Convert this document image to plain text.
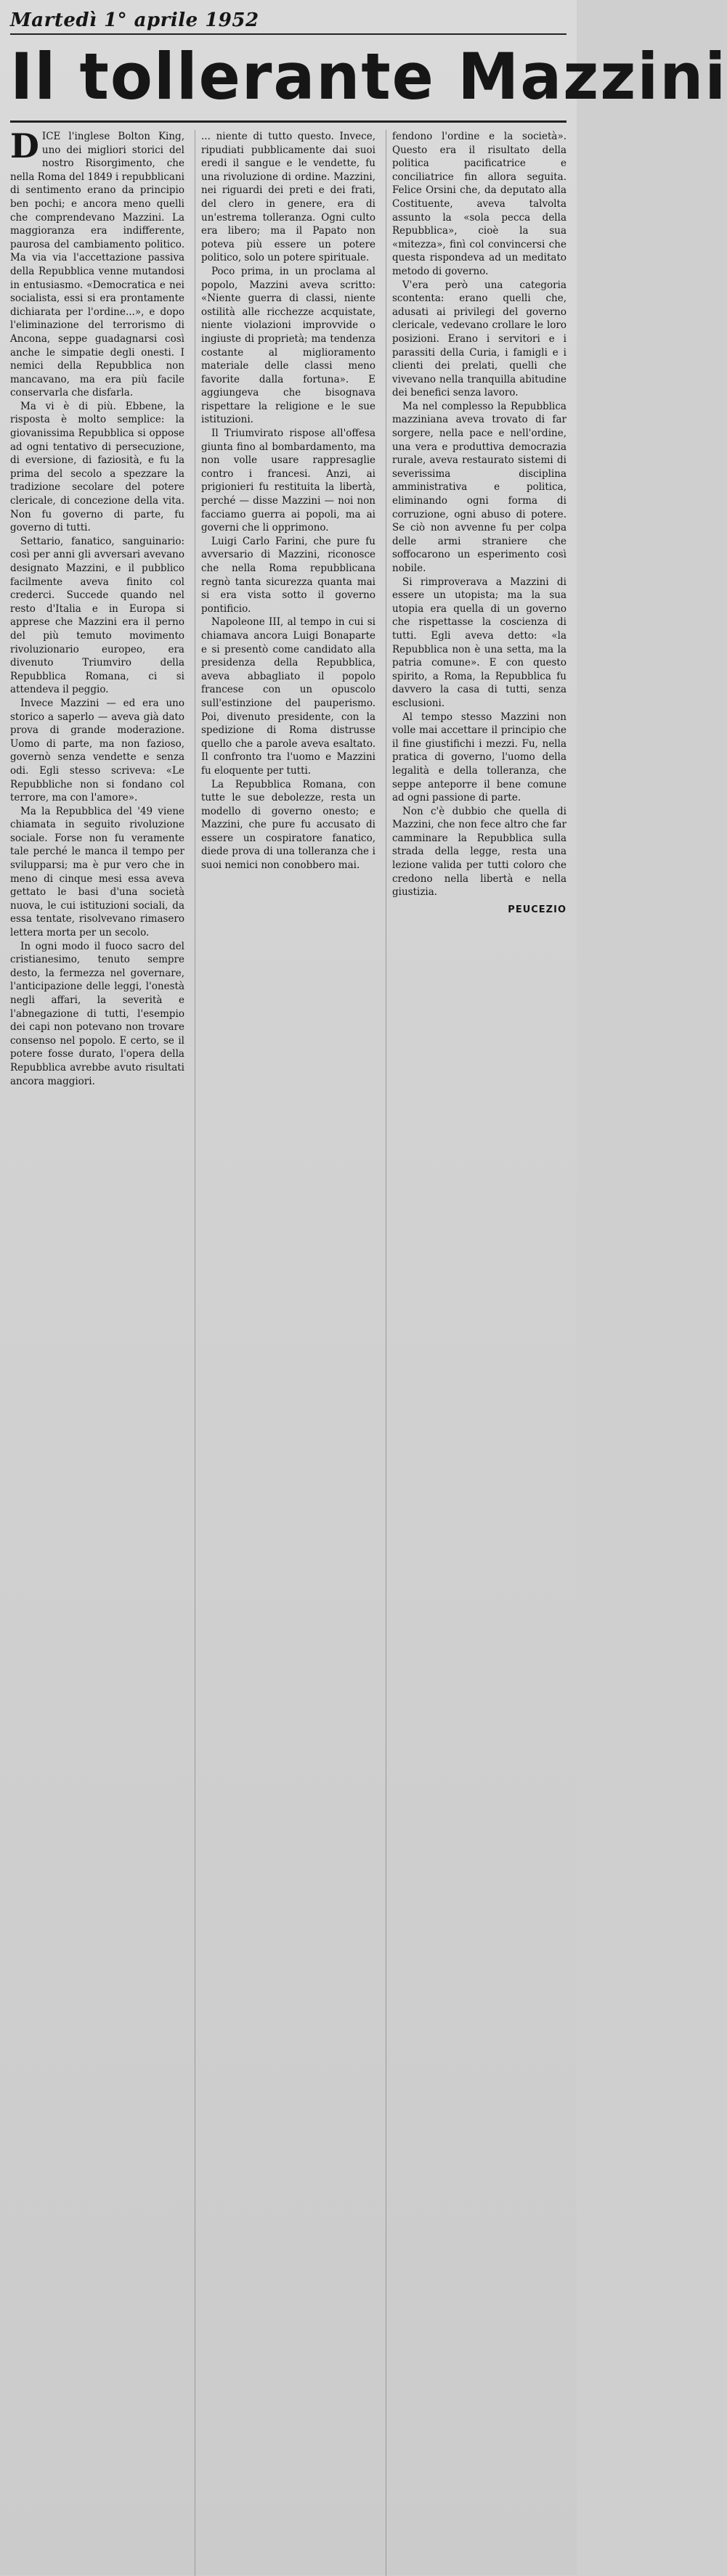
Martedì 1° aprile 1952
Il tollerante Mazzini
D ICE l'inglese Bolton King, uno dei migliori storici del nostro Risorgimento, che nella Roma del 1849 i repubblicani di sentimento erano da principio ben pochi; e ancora meno quelli che comprendevano Mazzini. La maggioranza era indifferente, paurosa del cambiamento politico. Ma via via l'accettazione passiva della Repubblica venne mutandosi in entusiasmo. «Democratica e nei socialista, essi si era prontamente dichiarata per l'ordine...», e dopo l'eliminazione del terrorismo di Ancona, seppe guadagnarsi così anche le simpatie degli onesti. I nemici della Repubblica non mancavano, ma era più facile conservarla che disfarla.

Ma vi è di più. Ebbene, la risposta è molto semplice: la giovanissima Repubblica si oppose ad ogni tentativo di persecuzione, di eversione, di faziosità, e fu la prima del secolo a spezzare la tradizione secolare del potere clericale, di concezione della vita. Non fu governo di parte, fu governo di tutti.

Settario, fanatico, sanguinario: così per anni gli avversari avevano designato Mazzini, e il pubblico facilmente aveva finito col crederci. Succede quando nel resto d'Italia e in Europa si apprese che Mazzini era il perno del più temuto movimento rivoluzionario europeo, era divenuto Triumviro della Repubblica Romana, ci si attendeva il peggio.

Invece Mazzini — ed era uno storico a saperlo — aveva già dato prova di grande moderazione. Uomo di parte, ma non fazioso, governò senza vendette e senza odi. Egli stesso scriveva: «Le Repubbliche non si fondano col terrore, ma con l'amore».

Ma la Repubblica del '49 viene chiamata in seguito rivoluzione sociale. Forse non fu veramente tale perché le manca il tempo per svilupparsi; ma è pur vero che in meno di cinque mesi essa aveva gettato le basi d'una società nuova, le cui istituzioni sociali, da essa tentate, risolvevano rimasero lettera morta per un secolo.

In ogni modo il fuoco sacro del cristianesimo, tenuto sempre desto, la fermezza nel governare, l'anticipazione delle leggi, l'onestà negli affari, la severità e l'abnegazione di tutti, l'esempio dei capi non potevano non trovare consenso nel popolo. E certo, se il potere fosse durato, l'opera della Repubblica avrebbe avuto risultati ancora maggiori.

... niente di tutto questo. Invece, ripudiati pubblicamente dai suoi eredi il sangue e le vendette, fu una rivoluzione di ordine. Mazzini, nei riguardi dei preti e dei frati, del clero in genere, era di un'estrema tolleranza. Ogni culto era libero; ma il Papato non poteva più essere un potere politico, solo un potere spirituale.

Poco prima, in un proclama al popolo, Mazzini aveva scritto: «Niente guerra di classi, niente ostilità alle ricchezze acquistate, niente violazioni improvvide o ingiuste di proprietà; ma tendenza costante al miglioramento materiale delle classi meno favorite dalla fortuna». E aggiungeva che bisognava rispettare la religione e le sue istituzioni.

Il Triumvirato rispose all'offesa giunta fino al bombardamento, ma non volle usare rappresaglie contro i francesi. Anzi, ai prigionieri fu restituita la libertà, perché — disse Mazzini — noi non facciamo guerra ai popoli, ma ai governi che li opprimono.

Luigi Carlo Farini, che pure fu avversario di Mazzini, riconosce che nella Roma repubblicana regnò tanta sicurezza quanta mai si era vista sotto il governo pontificio.

Napoleone III, al tempo in cui si chiamava ancora Luigi Bonaparte e si presentò come candidato alla presidenza della Repubblica, aveva abbagliato il popolo francese con un opuscolo sull'estinzione del pauperismo. Poi, divenuto presidente, con la spedizione di Roma distrusse quello che a parole aveva esaltato. Il confronto tra l'uomo e Mazzini fu eloquente per tutti.

La Repubblica Romana, con tutte le sue debolezze, resta un modello di governo onesto; e Mazzini, che pure fu accusato di essere un cospiratore fanatico, diede prova di una tolleranza che i suoi nemici non conobbero mai.

fendono l'ordine e la società». Questo era il risultato della politica pacificatrice e conciliatrice fin allora seguita. Felice Orsini che, da deputato alla Costituente, aveva talvolta assunto la «sola pecca della Repubblica», cioè la sua «mitezza», finì col convincersi che questa rispondeva ad un meditato metodo di governo.

V'era però una categoria scontenta: erano quelli che, adusati ai privilegi del governo clericale, vedevano crollare le loro posizioni. Erano i servitori e i parassiti della Curia, i famigli e i clienti dei prelati, quelli che vivevano nella tranquilla abitudine dei benefici senza lavoro.

Ma nel complesso la Repubblica mazziniana aveva trovato di far sorgere, nella pace e nell'ordine, una vera e produttiva democrazia rurale, aveva restaurato sistemi di severissima disciplina amministrativa e politica, eliminando ogni forma di corruzione, ogni abuso di potere. Se ciò non avvenne fu per colpa delle armi straniere che soffocarono un esperimento così nobile.

Si rimproverava a Mazzini di essere un utopista; ma la sua utopia era quella di un governo che rispettasse la coscienza di tutti. Egli aveva detto: «la Repubblica non è una setta, ma la patria comune». E con questo spirito, a Roma, la Repubblica fu davvero la casa di tutti, senza esclusioni.

Al tempo stesso Mazzini non volle mai accettare il principio che il fine giustifichi i mezzi. Fu, nella pratica di governo, l'uomo della legalità e della tolleranza, che seppe anteporre il bene comune ad ogni passione di parte.

Non c'è dubbio che quella di Mazzini, che non fece altro che far camminare la Repubblica sulla strada della legge, resta una lezione valida per tutti coloro che credono nella libertà e nella giustizia.

PEUCEZIO
